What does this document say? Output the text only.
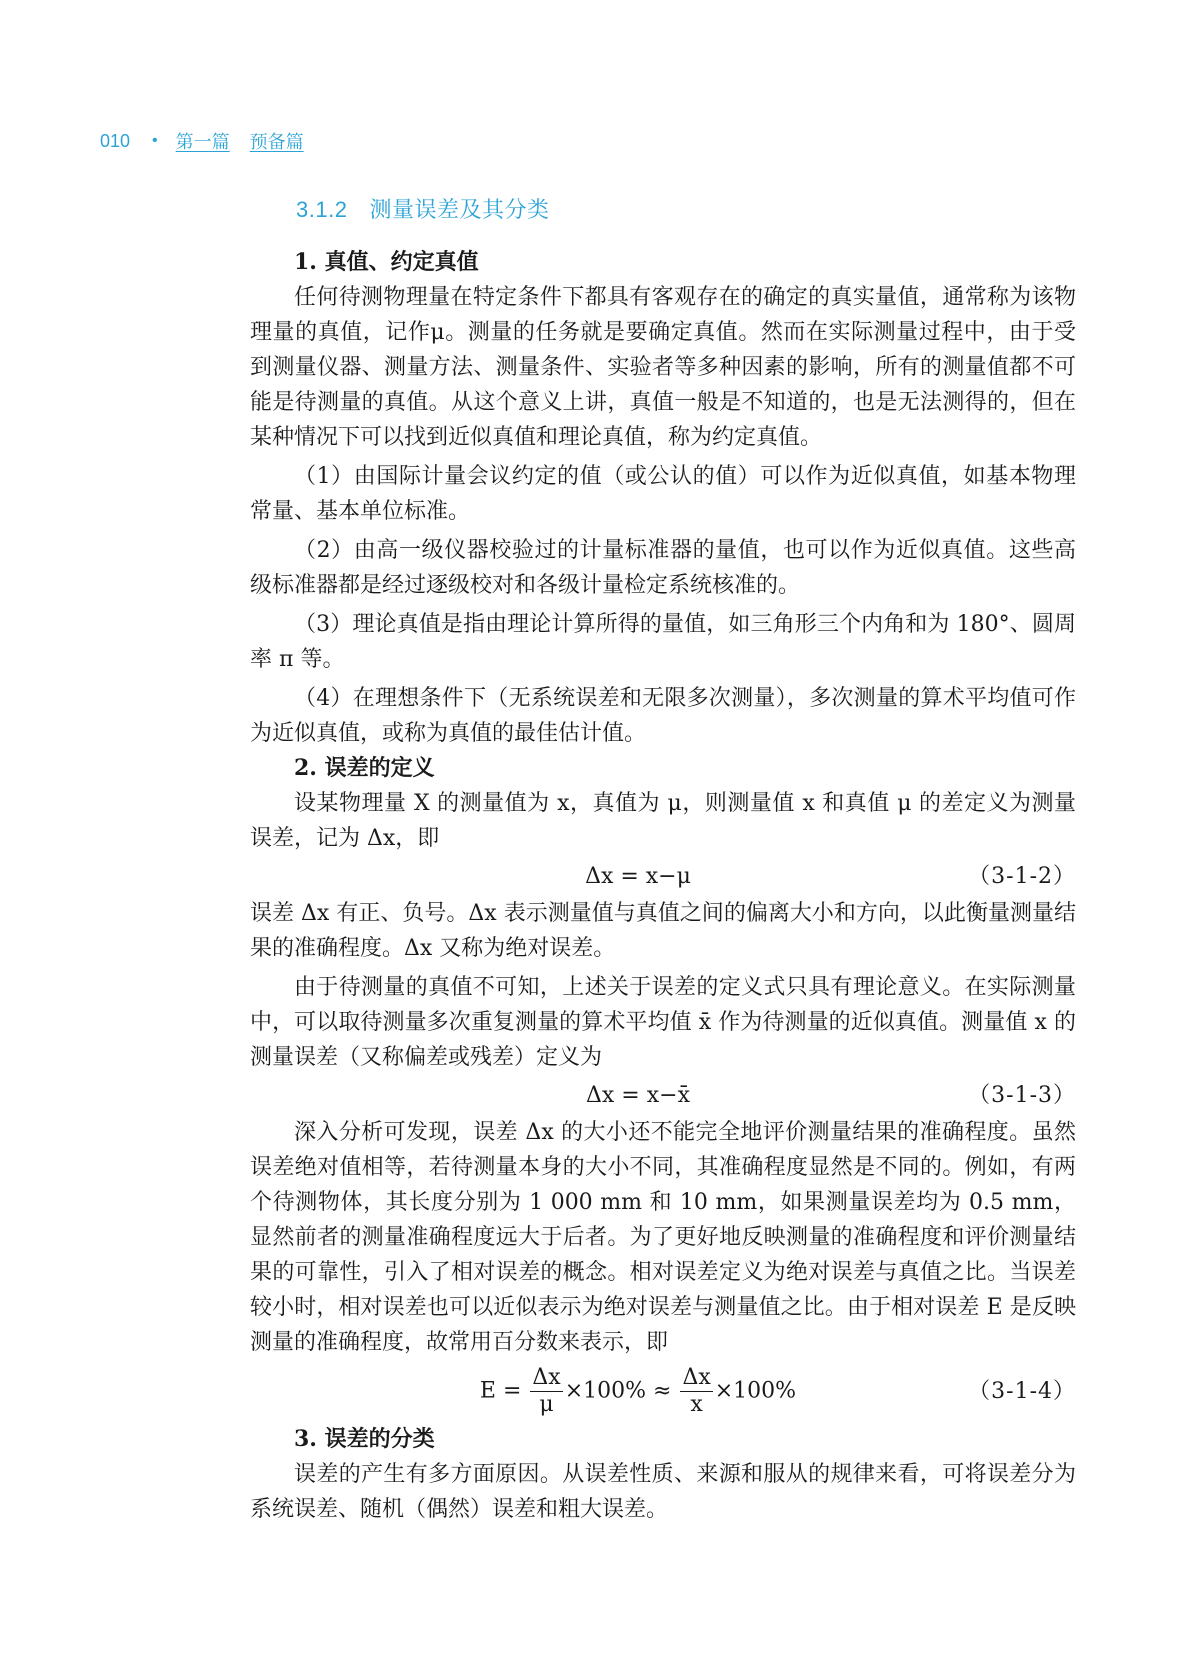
010 • 第一篇 预备篇
3.1.2 测量误差及其分类
1. 真值、约定真值

任何待测物理量在特定条件下都具有客观存在的确定的真实量值，通常称为该物理量的真值，记作μ。测量的任务就是要确定真值。然而在实际测量过程中，由于受到测量仪器、测量方法、测量条件、实验者等多种因素的影响，所有的测量值都不可能是待测量的真值。从这个意义上讲，真值一般是不知道的，也是无法测得的，但在某种情况下可以找到近似真值和理论真值，称为约定真值。

（1）由国际计量会议约定的值（或公认的值）可以作为近似真值，如基本物理常量、基本单位标准。

（2）由高一级仪器校验过的计量标准器的量值，也可以作为近似真值。这些高级标准器都是经过逐级校对和各级计量检定系统核准的。

（3）理论真值是指由理论计算所得的量值，如三角形三个内角和为 180°、圆周率 π 等。

（4）在理想条件下（无系统误差和无限多次测量），多次测量的算术平均值可作为近似真值，或称为真值的最佳估计值。

2. 误差的定义

设某物理量 X 的测量值为 x，真值为 μ，则测量值 x 和真值 μ 的差定义为测量误差，记为 Δx，即

Δx = x−μ	（3-1-2）

误差 Δx 有正、负号。Δx 表示测量值与真值之间的偏离大小和方向，以此衡量测量结果的准确程度。Δx 又称为绝对误差。

由于待测量的真值不可知，上述关于误差的定义式只具有理论意义。在实际测量中，可以取待测量多次重复测量的算术平均值 x̄ 作为待测量的近似真值。测量值 x 的测量误差（又称偏差或残差）定义为

Δx = x−x̄	（3-1-3）

深入分析可发现，误差 Δx 的大小还不能完全地评价测量结果的准确程度。虽然误差绝对值相等，若待测量本身的大小不同，其准确程度显然是不同的。例如，有两个待测物体，其长度分别为 1 000 mm 和 10 mm，如果测量误差均为 0.5 mm，显然前者的测量准确程度远大于后者。为了更好地反映测量的准确程度和评价测量结果的可靠性，引入了相对误差的概念。相对误差定义为绝对误差与真值之比。当误差较小时，相对误差也可以近似表示为绝对误差与测量值之比。由于相对误差 E 是反映测量的准确程度，故常用百分数来表示，即

$E = \frac{\Delta x}{\mu} \times 100\% \approx \frac{\Delta x}{x} \times 100\%$	（3-1-4）
3. 误差的分类

误差的产生有多方面原因。从误差性质、来源和服从的规律来看，可将误差分为系统误差、随机（偶然）误差和粗大误差。
